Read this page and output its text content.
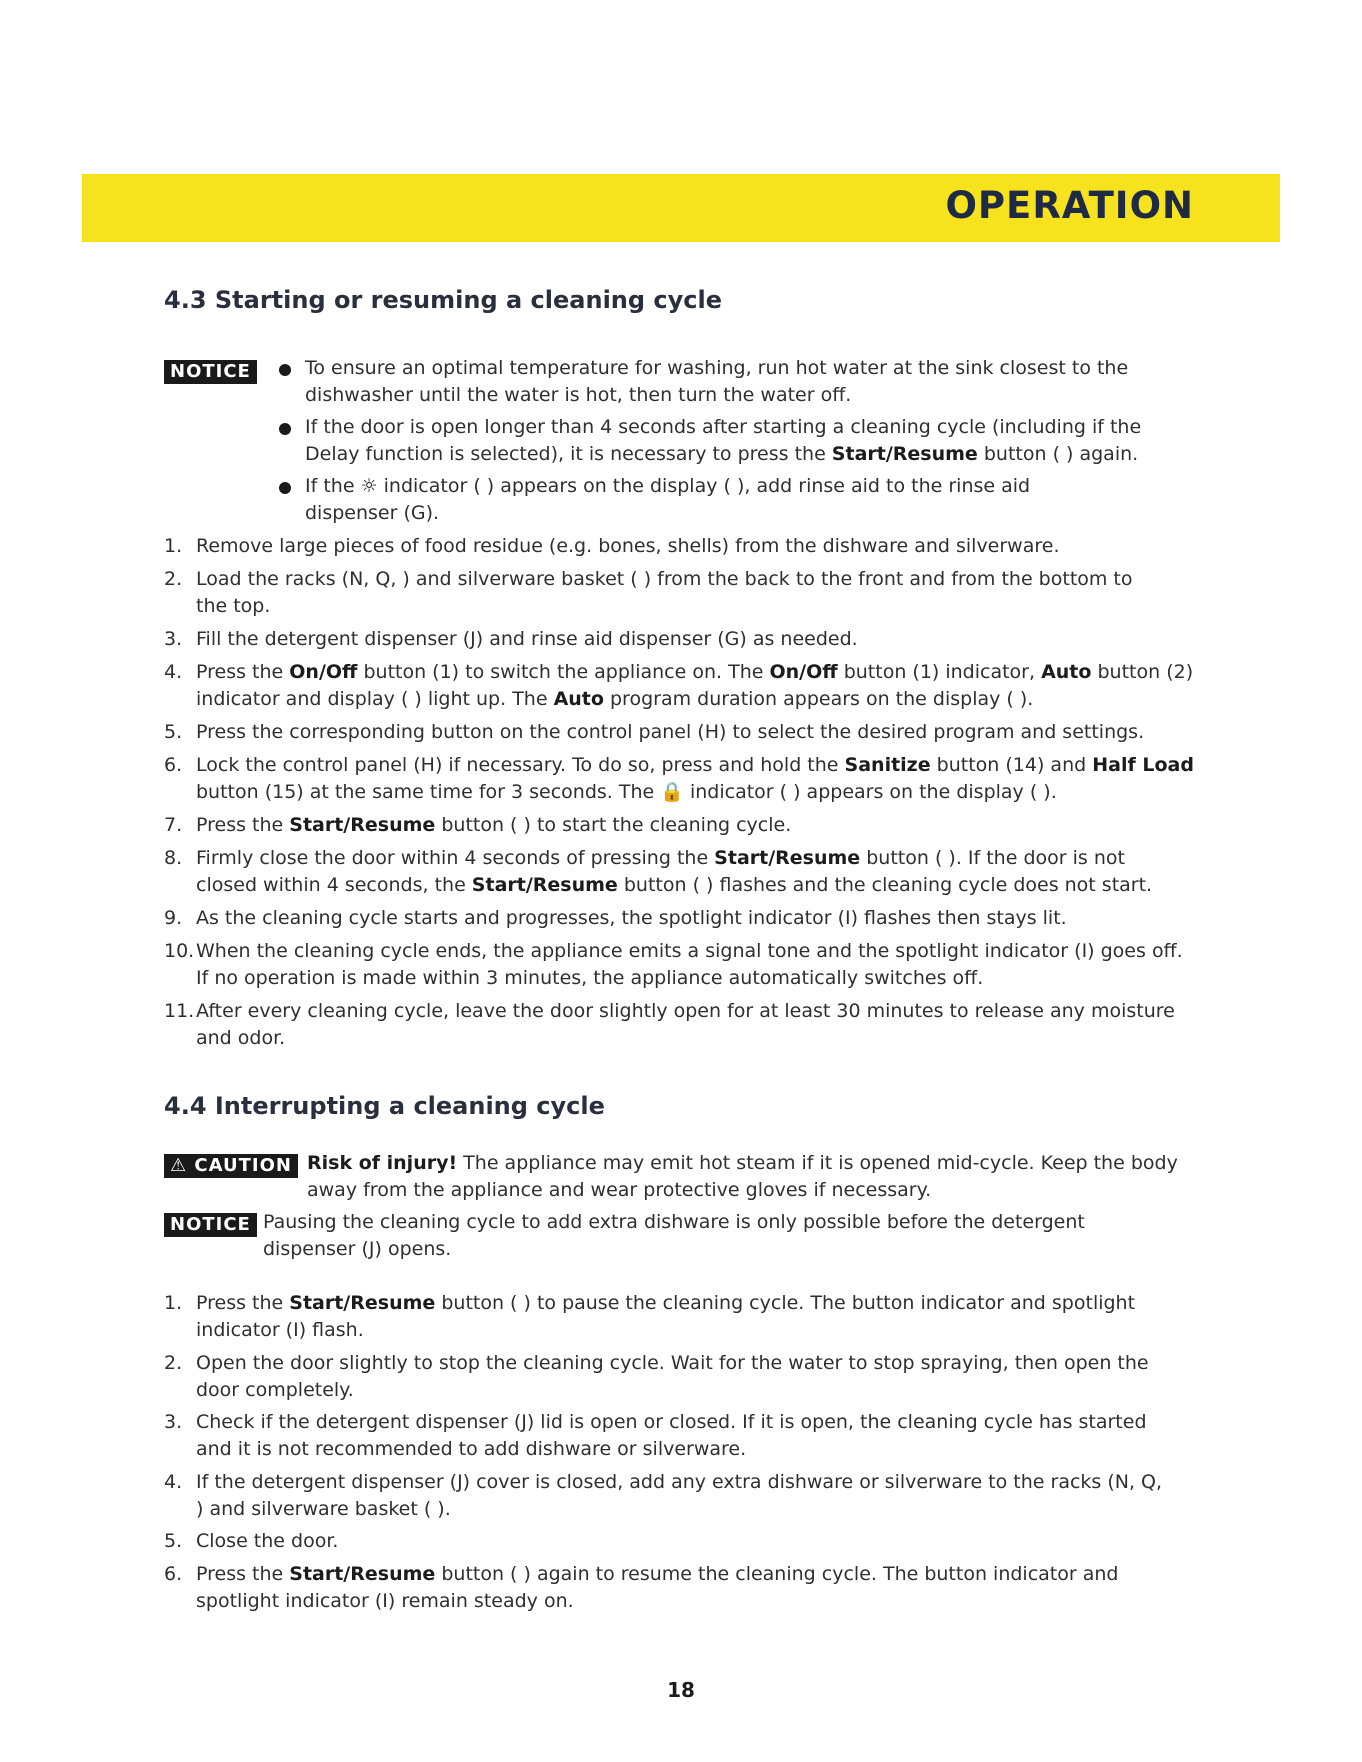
OPERATION
4.3 Starting or resuming a cleaning cycle
NOTICE	To ensure an optimal temperature for washing, run hot water at the sink closest to the
dishwasher until the water is hot, then turn the water off.
If the door is open longer than 4 seconds after starting a cleaning cycle (including if the
Delay function is selected), it is necessary to press the Start/Resume button ( ) again.
If the ☼ indicator ( ) appears on the display ( ), add rinse aid to the rinse aid
dispenser (G).
1. Remove large pieces of food residue (e.g. bones, shells) from the dishware and silverware.
2. Load the racks (N, Q, ) and silverware basket ( ) from the back to the front and from the bottom to
the top.
3. Fill the detergent dispenser (J) and rinse aid dispenser (G) as needed.
4. Press the On/Off button (1) to switch the appliance on. The On/Off button (1) indicator, Auto button (2)
indicator and display ( ) light up. The Auto program duration appears on the display ( ).
5. Press the corresponding button on the control panel (H) to select the desired program and settings.
6. Lock the control panel (H) if necessary. To do so, press and hold the Sanitize button (14) and Half Load
button (15) at the same time for 3 seconds. The 🔒 indicator ( ) appears on the display ( ).
7. Press the Start/Resume button ( ) to start the cleaning cycle.
8. Firmly close the door within 4 seconds of pressing the Start/Resume button ( ). If the door is not
closed within 4 seconds, the Start/Resume button ( ) flashes and the cleaning cycle does not start.
9. As the cleaning cycle starts and progresses, the spotlight indicator (I) flashes then stays lit.
10. When the cleaning cycle ends, the appliance emits a signal tone and the spotlight indicator (I) goes off.
If no operation is made within 3 minutes, the appliance automatically switches off.
11. After every cleaning cycle, leave the door slightly open for at least 30 minutes to release any moisture
and odor.
4.4 Interrupting a cleaning cycle
⚠ CAUTION Risk of injury! The appliance may emit hot steam if it is opened mid-cycle. Keep the body
away from the appliance and wear protective gloves if necessary.
NOTICE Pausing the cleaning cycle to add extra dishware is only possible before the detergent
dispenser (J) opens.
1. Press the Start/Resume button ( ) to pause the cleaning cycle. The button indicator and spotlight
indicator (I) flash.
2. Open the door slightly to stop the cleaning cycle. Wait for the water to stop spraying, then open the
door completely.
3. Check if the detergent dispenser (J) lid is open or closed. If it is open, the cleaning cycle has started
and it is not recommended to add dishware or silverware.
4. If the detergent dispenser (J) cover is closed, add any extra dishware or silverware to the racks (N, Q,
) and silverware basket ( ).
5. Close the door.
6. Press the Start/Resume button ( ) again to resume the cleaning cycle. The button indicator and
spotlight indicator (I) remain steady on.
18
